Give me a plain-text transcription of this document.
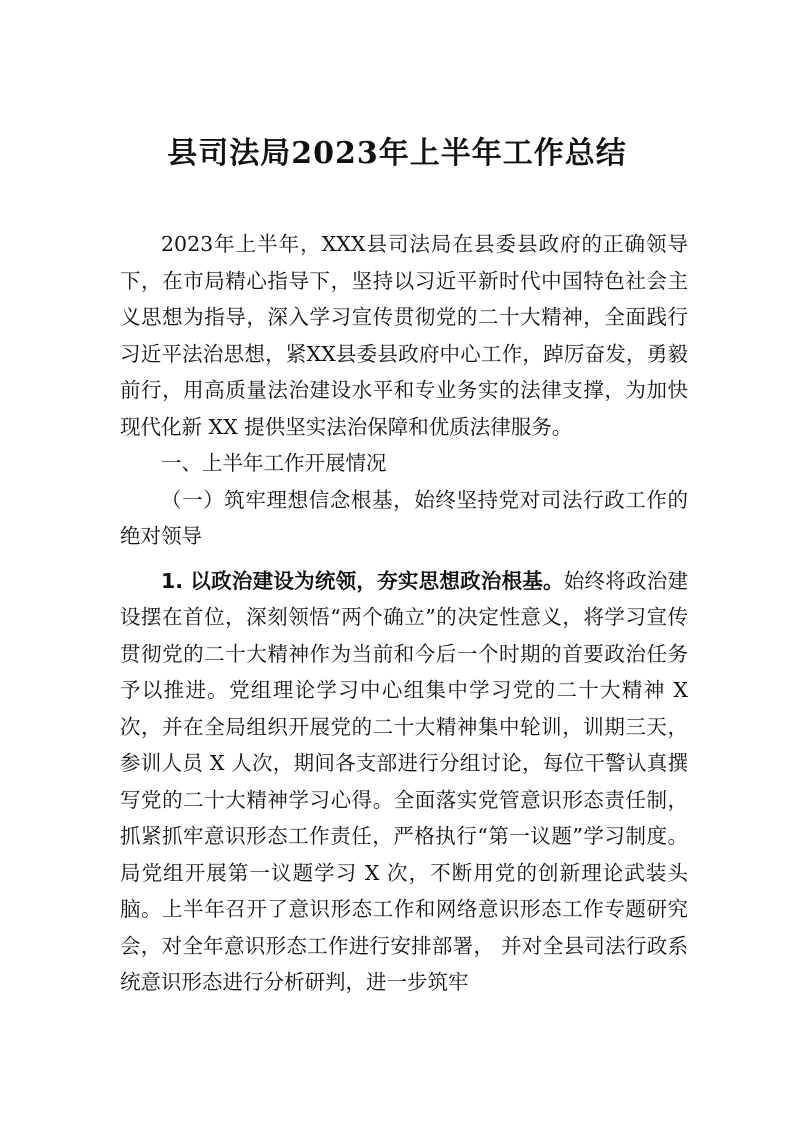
县司法局2023年上半年工作总结

2023年上半年，XXX县司法局在县委县政府的正确领导下，在市局精心指导下，坚持以习近平新时代中国特色社会主义思想为指导，深入学习宣传贯彻党的二十大精神，全面践行习近平法治思想，紧XX县委县政府中心工作，踔厉奋发，勇毅前行，用高质量法治建设水平和专业务实的法律支撑，为加快现代化新 XX 提供坚实法治保障和优质法律服务。

一、上半年工作开展情况

（一）筑牢理想信念根基，始终坚持党对司法行政工作的绝对领导

1. 以政治建设为统领，夯实思想政治根基。始终将政治建设摆在首位，深刻领悟“两个确立”的决定性意义，将学习宣传贯彻党的二十大精神作为当前和今后一个时期的首要政治任务予以推进。党组理论学习中心组集中学习党的二十大精神 X 次，并在全局组织开展党的二十大精神集中轮训，训期三天，参训人员 X 人次，期间各支部进行分组讨论，每位干警认真撰写党的二十大精神学习心得。全面落实党管意识形态责任制，抓紧抓牢意识形态工作责任，严格执行“第一议题”学习制度。局党组开展第一议题学习 X 次，不断用党的创新理论武装头脑。上半年召开了意识形态工作和网络意识形态工作专题研究会，对全年意识形态工作进行安排部署， 并对全县司法行政系统意识形态进行分析研判，进一步筑牢
